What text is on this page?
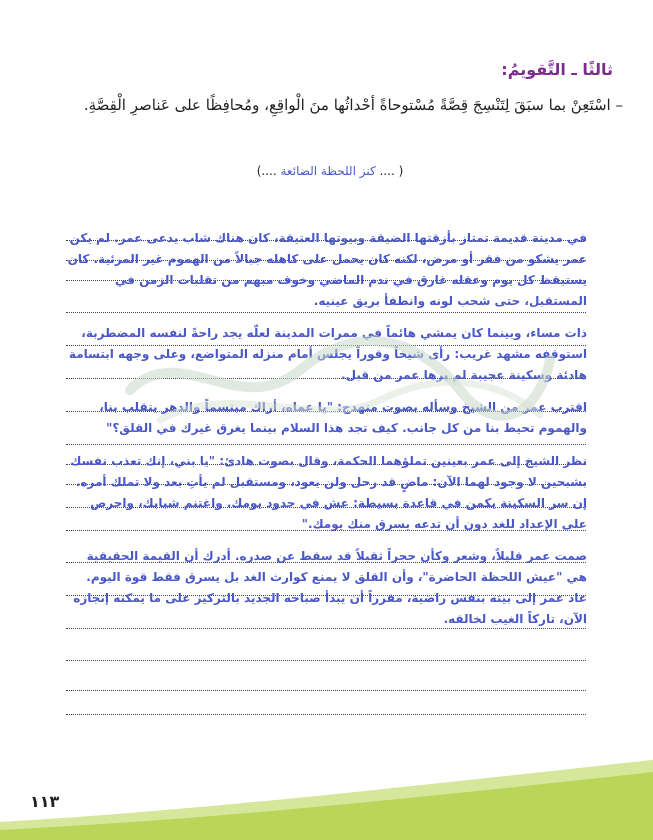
ثالثًا ـ التَّقويمُ:
– اسْتَعِنْ بما سبَقَ لِتَنْسِجَ قِصَّةً مُسْتوحاةً أحْداثُها منَ الْواقِعِ، ومُحافِظًا على عَناصرِ الْقِصَّةِ.
( .... كنز اللحظة الضائعة ....)
في مدينة قديمة تمتاز بأزقتها الضيقة وبيوتها العتيقة، كان هناك شاب يدعى عمر. لم يكن عمر يشكو من فقر أو مرض، لكنه كان يحمل على كاهله جبالاً من الهموم غير المرئية. كان يستيقظ كل يوم وعقله غارق في ندم الماضي وخوف مبهم من تقلبات الزمن في المستقبل، حتى شحب لونه وانطفأ بريق عينيه.
ذات مساء، وبينما كان يمشي هائماً في ممرات المدينة لعلّه يجد راحةً لنفسه المضطربة، استوقفه مشهد غريب: رأى شيخاً وقوراً يجلس أمام منزله المتواضع، وعلى وجهه ابتسامة هادئة وسكينة عجيبة لم يرها عمر من قبل.
اقترب عمر من الشيخ وسأله بصوت متهدج: "يا عماه، أراك مبتسماً والدهر يتقلب بنا، والهموم تحيط بنا من كل جانب. كيف تجد هذا السلام بينما يغرق غيرك في القلق؟"
نظر الشيخ إلى عمر بعينين تملؤهما الحكمة، وقال بصوت هادئ: "يا بني، إنك تعذب نفسك بشبحين لا وجود لهما الآن: ماضٍ قد رحل ولن يعود، ومستقبل لم يأتِ بعد ولا تملك أمره. إن سر السكينة يكمن في قاعدة بسيطة: عش في حدود يومك. واغتنم شبابك، واحرص على الإعداد للغد دون أن تدعه يسرق منك يومك."
صمت عمر قليلاً، وشعر وكأن حجراً ثقيلاً قد سقط عن صدره. أدرك أن القيمة الحقيقية هي "عيش اللحظة الحاضرة"، وأن القلق لا يمنع كوارث الغد بل يسرق فقط قوة اليوم. عاد عمر إلى بيته بنفس راضية، مقرراً أن يبدأ صباحه الجديد بالتركيز على ما يمكنه إنجازه الآن، تاركاً الغيب لخالقه.
١١٣
